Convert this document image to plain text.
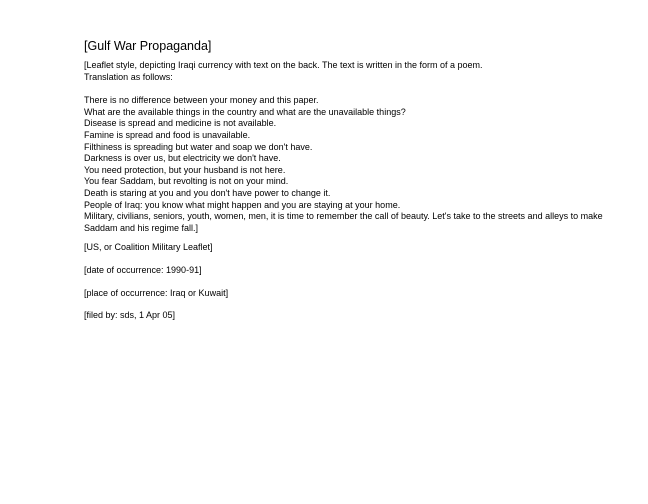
[Gulf War Propaganda]
[Leaflet style, depicting Iraqi currency with text on the back. The text is written in the form of a poem.
Translation as follows:
There is no difference between your money and this paper.
What are the available things in the country and what are the unavailable things?
Disease is spread and medicine is not available.
Famine is spread and food is unavailable.
Filthiness is spreading but water and soap we don't have.
Darkness is over us, but electricity we don't have.
You need protection, but your husband is not here.
You fear Saddam, but revolting is not on your mind.
Death is staring at you and you don't have power to change it.
People of Iraq: you know what might happen and you are staying at your home.
Military, civilians, seniors, youth, women, men, it is time to remember the call of beauty. Let's take to the streets and alleys to make Saddam and his regime fall.]
[US, or Coalition Military Leaflet]
[date of occurrence: 1990-91]
[place of occurrence: Iraq or Kuwait]
[filed by: sds, 1 Apr 05]
